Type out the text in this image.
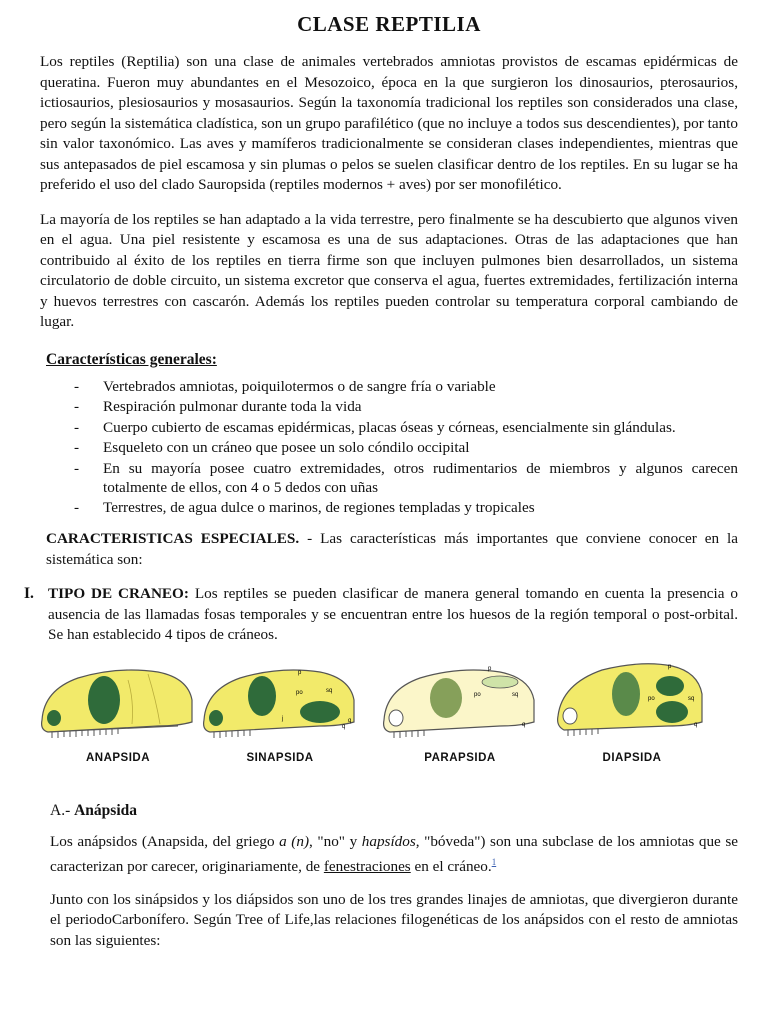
CLASE REPTILIA

Los reptiles (Reptilia) son una clase de animales vertebrados amniotas provistos de escamas epidérmicas de queratina. Fueron muy abundantes en el Mesozoico, época en la que surgieron los dinosaurios, pterosaurios, ictiosaurios, plesiosaurios y mosasaurios. Según la taxonomía tradicional los reptiles son considerados una clase, pero según la sistemática cladística, son un grupo parafilético (que no incluye a todos sus descendientes), por tanto sin valor taxonómico. Las aves y mamíferos tradicionalmente se consideran clases independientes, mientras que sus antepasados de piel escamosa y sin plumas o pelos se suelen clasificar dentro de los reptiles. En su lugar se ha preferido el uso del clado Sauropsida (reptiles modernos + aves) por ser monofilético.

La mayoría de los reptiles se han adaptado a la vida terrestre, pero finalmente se ha descubierto que algunos viven en el agua. Una piel resistente y escamosa es una de sus adaptaciones. Otras de las adaptaciones que han contribuido al éxito de los reptiles en tierra firme son que incluyen pulmones bien desarrollados, un sistema circulatorio de doble circuito, un sistema excretor que conserva el agua, fuertes extremidades, fertilización interna y huevos terrestres con cascarón. Además los reptiles pueden controlar su temperatura corporal cambiando de lugar.

Características generales:
- Vertebrados amniotas, poiquilotermos o de sangre fría o variable
- Respiración pulmonar durante toda la vida
- Cuerpo cubierto de escamas epidérmicas, placas óseas y córneas, esencialmente sin glándulas.
- Esqueleto con un cráneo que posee un solo cóndilo occipital
- En su mayoría posee cuatro extremidades, otros rudimentarios de miembros y algunos carecen totalmente de ellos, con 4 o 5 dedos con uñas
- Terrestres, de agua dulce o marinos, de regiones templadas y tropicales

CARACTERISTICAS ESPECIALES. - Las características más importantes que conviene conocer en la sistemática son:

I. TIPO DE CRANEO: Los reptiles se pueden clasificar de manera general tomando en cuenta la presencia o ausencia de las llamadas fosas temporales y se encuentran entre los huesos de la región temporal o post-orbital. Se han establecido 4 tipos de cráneos.

ANAPSIDA
p
po	sq
j
q
q
SINAPSIDA
p
po	sq
q
PARAPSIDA
p
po	sq
q
DIAPSIDA
A.- Anápsida

Los anápsidos (Anapsida, del griego a (n), "no" y hapsídos, "bóveda") son una subclase de los amniotas que se caracterizan por carecer, originariamente, de fenestraciones en el cráneo.$^1$

Junto con los sinápsidos y los diápsidos son uno de los tres grandes linajes de amniotas, que divergieron durante el periodoCarbonífero. Según Tree of Life,las relaciones filogenéticas de los anápsidos con el resto de amniotas son las siguientes:
